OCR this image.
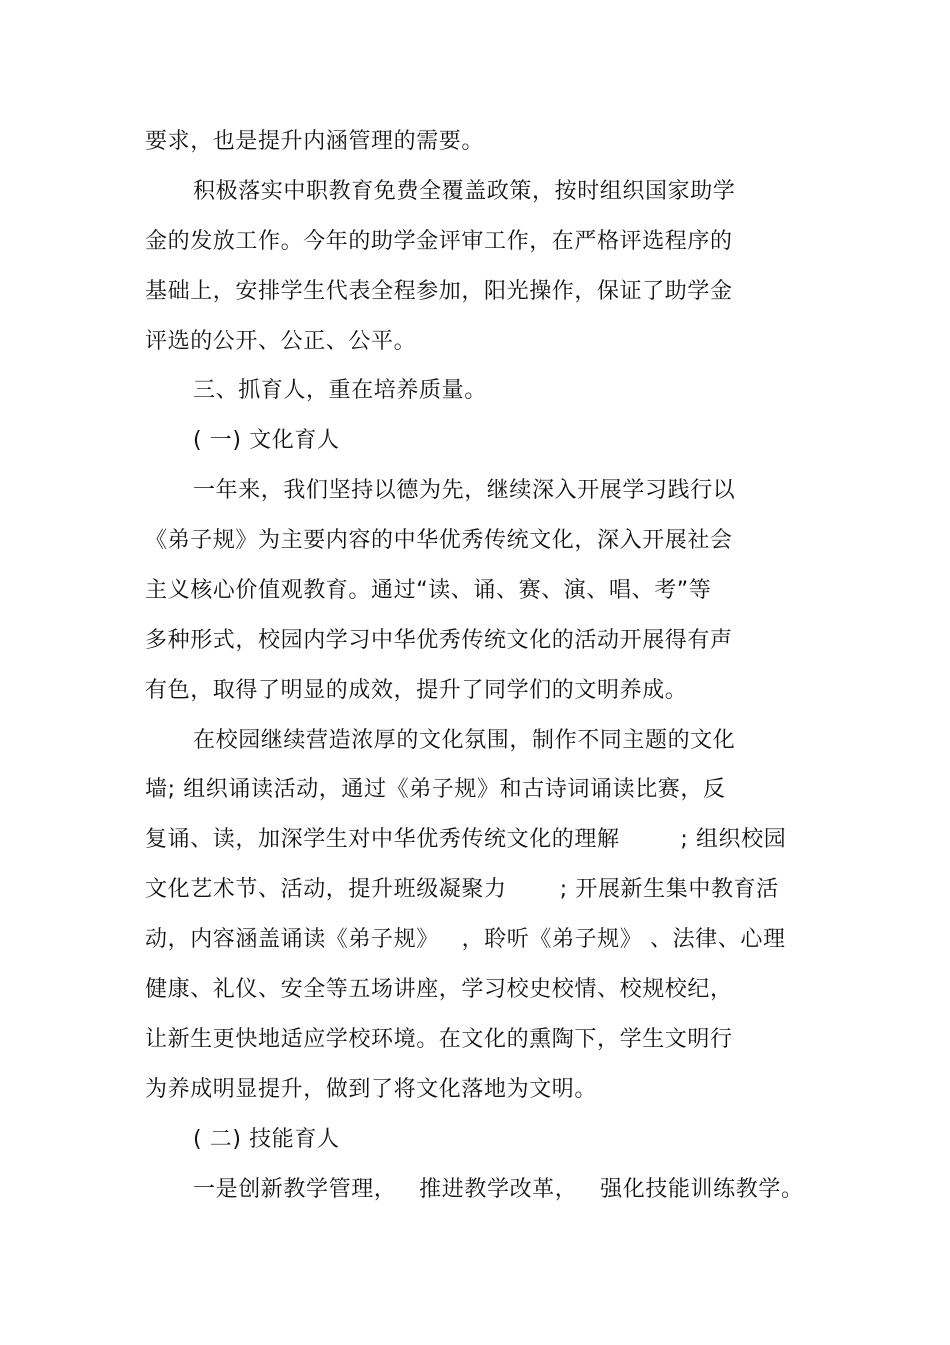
要求，也是提升内涵管理的需要。
积极落实中职教育免费全覆盖政策，按时组织国家助学
金的发放工作。今年的助学金评审工作，在严格评选程序的
基础上，安排学生代表全程参加，阳光操作，保证了助学金
评选的公开、公正、公平。
三、抓育人，重在培养质量。
( 一) 文化育人
一年来，我们坚持以德为先，继续深入开展学习践行以
《弟子规》为主要内容的中华优秀传统文化，深入开展社会
主义核心价值观教育。通过“读、诵、赛、演、唱、考”等
多种形式，校园内学习中华优秀传统文化的活动开展得有声
有色，取得了明显的成效，提升了同学们的文明养成。
在校园继续营造浓厚的文化氛围，制作不同主题的文化
墙; 组织诵读活动，通过《弟子规》和古诗词诵读比赛，反
复诵、读，加深学生对中华优秀传统文化的理解        ; 组织校园
文化艺术节、活动，提升班级凝聚力       ; 开展新生集中教育活
动，内容涵盖诵读《弟子规》   ，聆听《弟子规》 、法律、心理
健康、礼仪、安全等五场讲座，学习校史校情、校规校纪，
让新生更快地适应学校环境。在文化的熏陶下，学生文明行
为养成明显提升，做到了将文化落地为文明。
( 二) 技能育人
一是创新教学管理，   推进教学改革，   强化技能训练教学。
